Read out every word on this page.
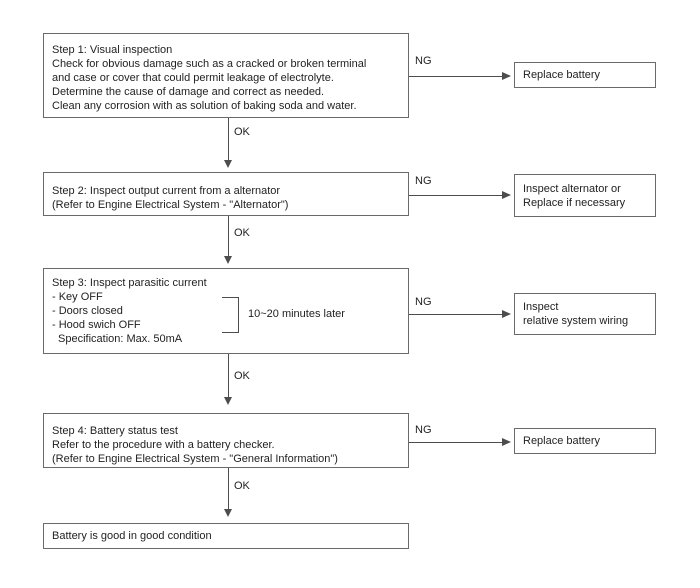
Step 1: Visual inspection
Check for obvious damage such as a cracked or broken terminal
and case or cover that could permit leakage of electrolyte.
Determine the cause of damage and correct as needed.
Clean any corrosion with as solution of baking soda and water.
NG
Replace battery
OK
Step 2: Inspect output current from a alternator
(Refer to Engine Electrical System - "Alternator")
NG
Inspect alternator or
Replace if necessary
OK
Step 3: Inspect parasitic current
- Key OFF
- Doors closed
- Hood swich OFF
Specification: Max. 50mA
10~20 minutes later
NG	Inspect
relative system wiring
OK
Step 4: Battery status test
Refer to the procedure with a battery checker.
(Refer to Engine Electrical System - "General Information")
NG
Replace battery
OK
Battery is good in good condition
